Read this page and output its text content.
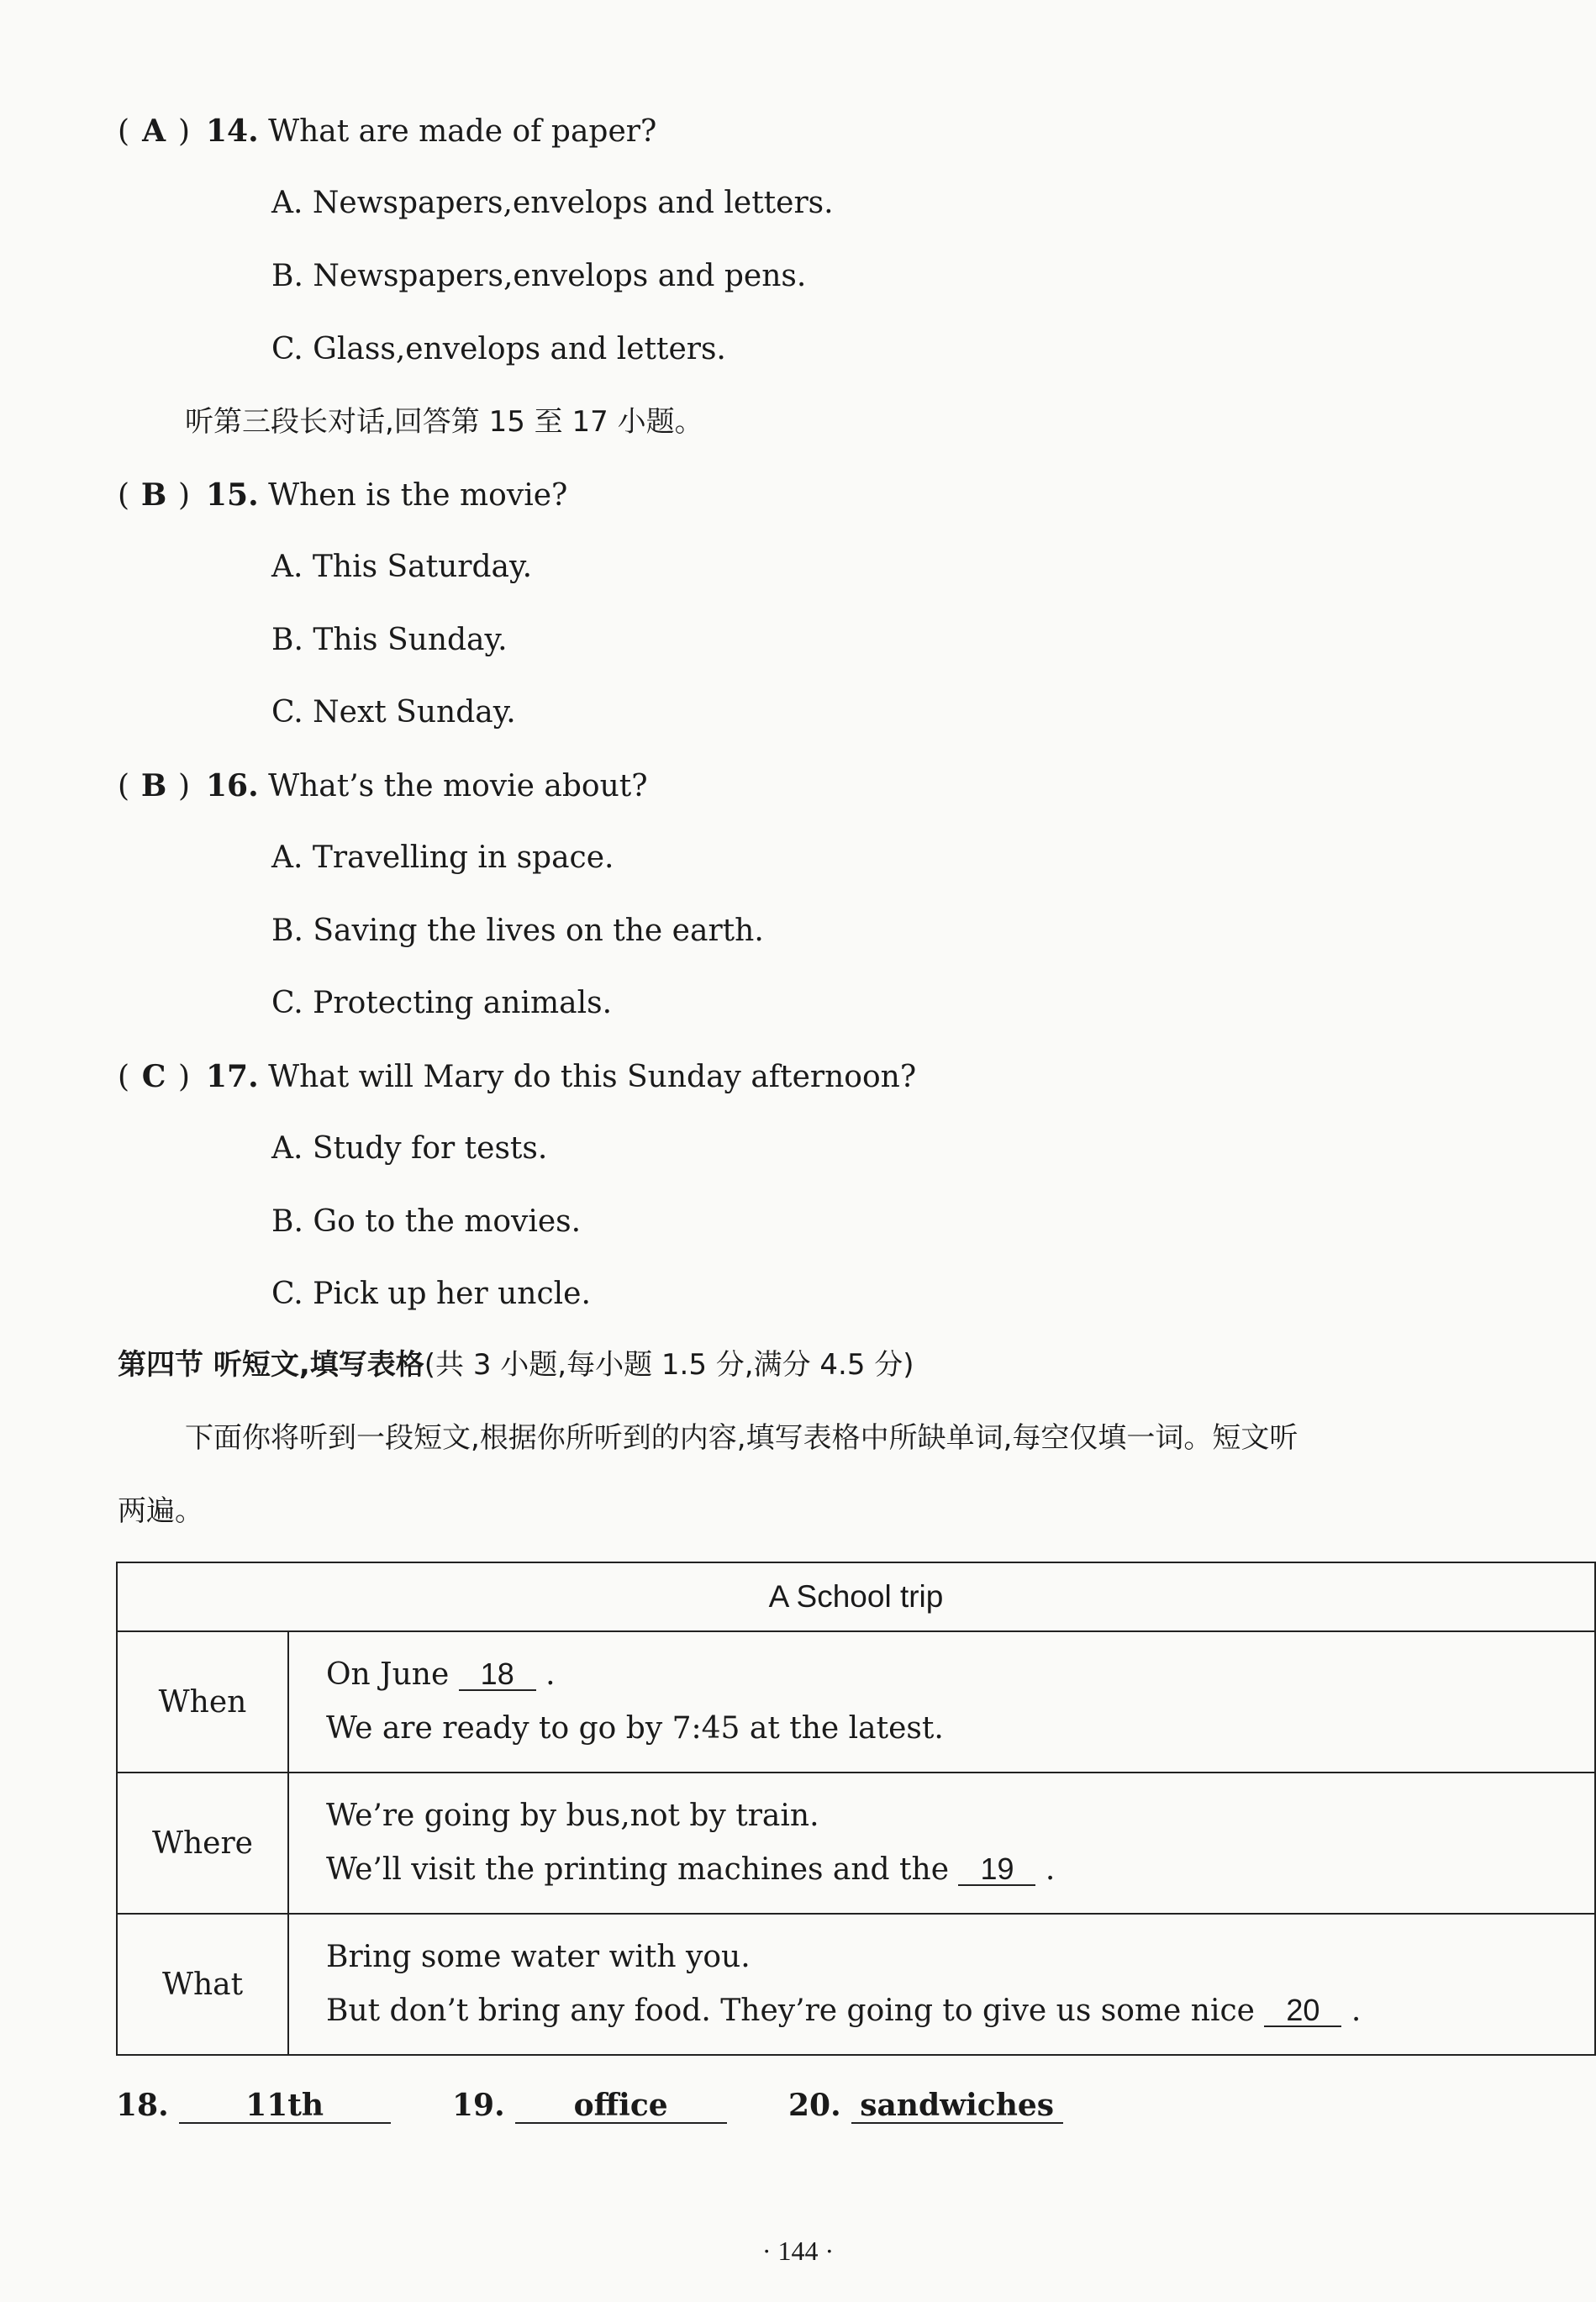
( A ) 14. What are made of paper?
A. Newspapers,envelops and letters.
B. Newspapers,envelops and pens.
C. Glass,envelops and letters.
听第三段长对话,回答第 15 至 17 小题。
( B ) 15. When is the movie?
A. This Saturday.
B. This Sunday.
C. Next Sunday.
( B ) 16. What’s the movie about?
A. Travelling in space.
B. Saving the lives on the earth.
C. Protecting animals.
( C ) 17. What will Mary do this Sunday afternoon?
A. Study for tests.
B. Go to the movies.
C. Pick up her uncle.
第四节 听短文,填写表格(共 3 小题,每小题 1.5 分,满分 4.5 分)
下面你将听到一段短文,根据你所听到的内容,填写表格中所缺单词,每空仅填一词。短文听
两遍。
A School trip	
When	On June 18 .
We are ready to go by 7:45 at the latest.

Where	We’re going by bus,not by train.
We’ll visit the printing machines and the 19 .

What	Bring some water with you.
But don’t bring any food. They’re going to give us some nice 20 .
18.	11th	19. office	20. sandwiches
· 144 ·
